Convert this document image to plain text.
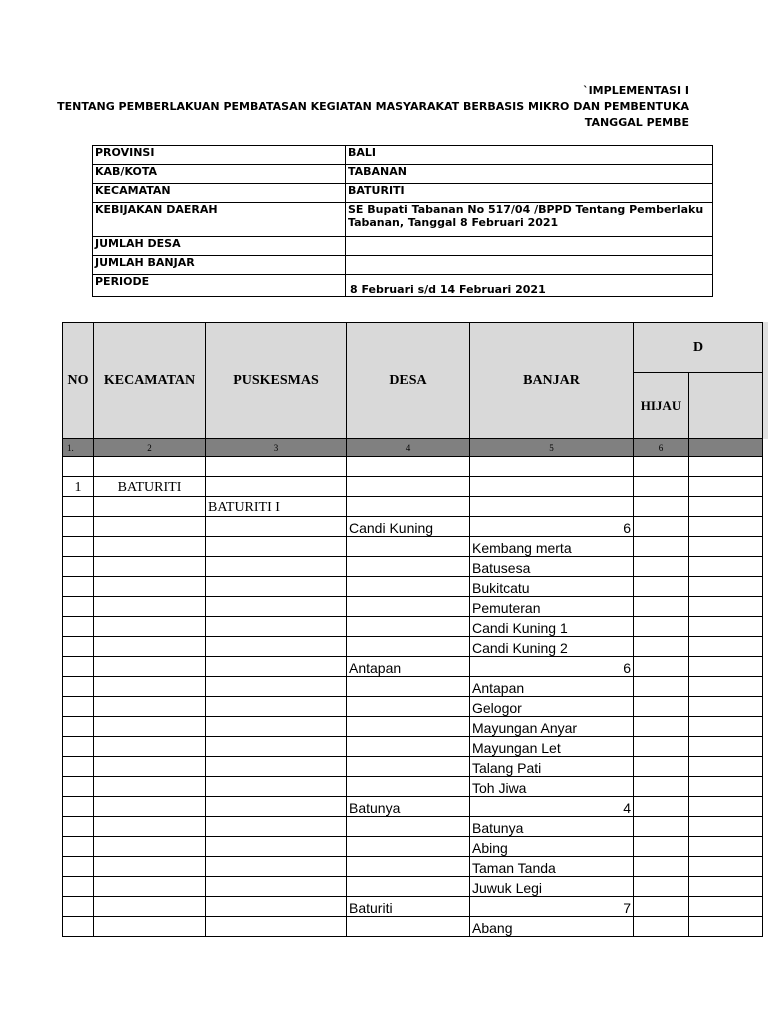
`IMPLEMENTASI I
TENTANG PEMBERLAKUAN PEMBATASAN KEGIATAN MASYARAKAT BERBASIS MIKRO DAN PEMBENTUKA
TANGGAL PEMBE
PROVINSI	BALI
KAB/KOTA	TABANAN
KECAMATAN	BATURITI
KEBIJAKAN DAERAH	SE Bupati Tabanan No 517/04 /BPPD Tentang Pemberlaku
Tabanan, Tanggal 8 Februari 2021

JUMLAH DESA	
JUMLAH BANJAR	
PERIODE	8 Februari s/d 14 Februari 2021
NO	KECAMATAN	PUSKESMAS	DESA	BANJAR	D	
					HIJAU	
1.	2	3	4	5	6	

1	BATURITI					
		BATURITI I				
			Candi Kuning	6		
				Kembang merta		
				Batusesa		
				Bukitcatu		
				Pemuteran		
				Candi Kuning 1		
				Candi Kuning 2		
			Antapan	6		
				Antapan		
				Gelogor		
				Mayungan Anyar		
				Mayungan Let		
				Talang Pati		
				Toh Jiwa		
			Batunya	4		
				Batunya		
				Abing		
				Taman Tanda		
				Juwuk Legi		
			Baturiti	7		
				Abang		
